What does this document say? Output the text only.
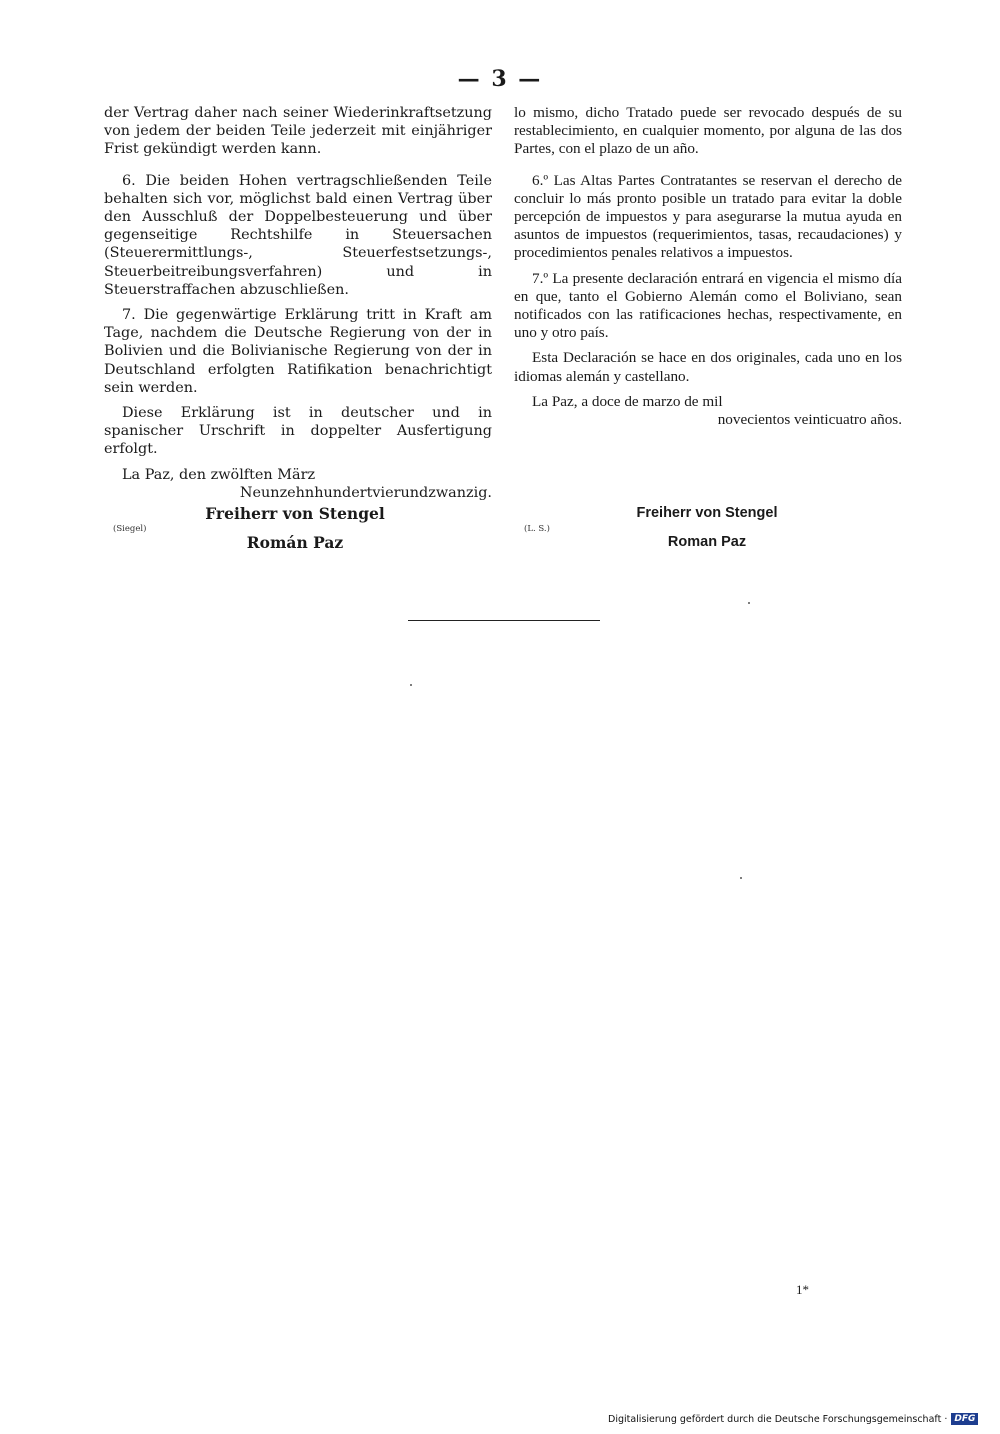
— 3 —

der Vertrag daher nach seiner Wiederinkraftsetzung von jedem der beiden Teile jederzeit mit einjähriger Frist gekündigt werden kann.

6. Die beiden Hohen vertragschließenden Teile behalten sich vor, möglichst bald einen Vertrag über den Ausschluß der Doppelbesteuerung und über gegenseitige Rechtshilfe in Steuersachen (Steuerermittlungs-, Steuerfestsetzungs-, Steuerbeitreibungsverfahren) und in Steuerstraffachen abzuschließen.

7. Die gegenwärtige Erklärung tritt in Kraft am Tage, nachdem die Deutsche Regierung von der in Bolivien und die Bolivianische Regierung von der in Deutschland erfolgten Ratifikation benachrichtigt sein werden.

Diese Erklärung ist in deutscher und in spanischer Urschrift in doppelter Ausfertigung erfolgt.

La Paz, den zwölften März
Neunzehnhundertvierundzwanzig.

lo mismo, dicho Tratado puede ser revocado después de su restablecimiento, en cualquier momento, por alguna de las dos Partes, con el plazo de un año.

6.º Las Altas Partes Contratantes se reservan el derecho de concluir lo más pronto posible un tratado para evitar la doble percepción de impuestos y para asegurarse la mutua ayuda en asuntos de impuestos (requerimientos, tasas, recaudaciones) y procedimientos penales relativos a impuestos.

7.º La presente declaración entrará en vigencia el mismo día en que, tanto el Gobierno Alemán como el Boliviano, sean notificados con las ratificaciones hechas, respectivamente, en uno y otro país.

Esta Declaración se hace en dos originales, cada uno en los idiomas alemán y castellano.

La Paz, a doce de marzo de mil
novecientos veinticuatro años.
(Siegel)
Freiherr von Stengel
Román Paz
(L. S.)
Freiherr von Stengel
Roman Paz
1*
Digitalisierung gefördert durch die Deutsche Forschungsgemeinschaft · DFG
